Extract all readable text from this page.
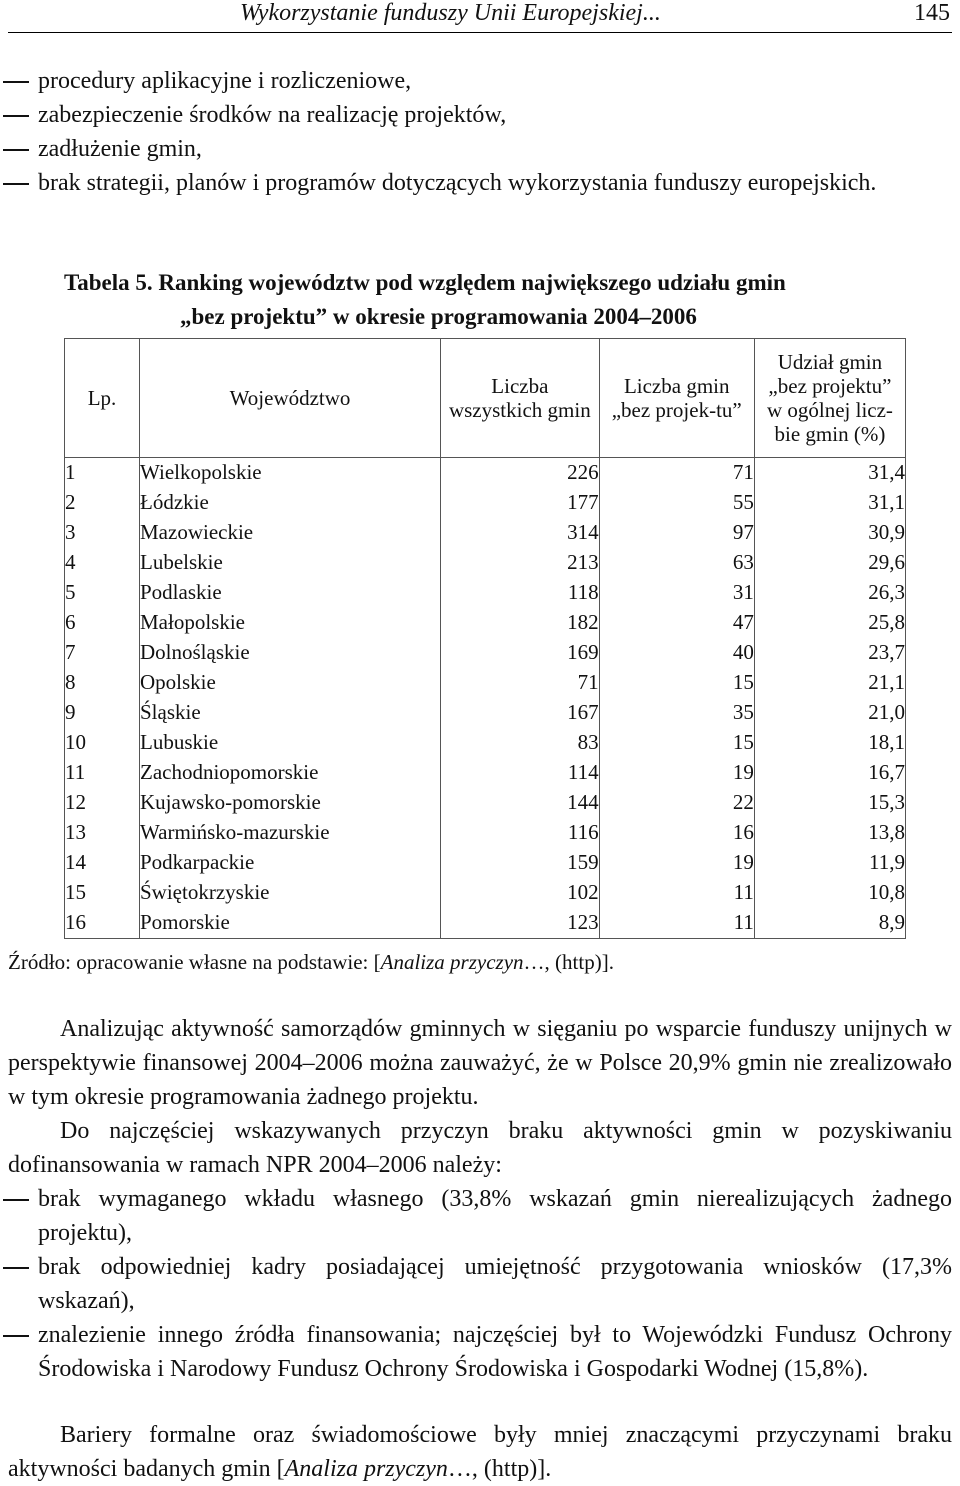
Wykorzystanie funduszy Unii Europejskiej...	145
procedury aplikacyjne i rozliczeniowe,
zabezpieczenie środków na realizację projektów,
zadłużenie gmin,
brak strategii, planów i programów dotyczących wykorzystania funduszy europejskich.
Tabela 5. Ranking województw pod względem największego udziału gmin
„bez projektu” w okresie programowania 2004–2006
Lp.	Województwo	Liczba wszystkich gmin	Liczba gmin „bez projek-tu”	Udział gmin „bez projektu” w ogólnej licz-bie gmin (%)
1	Wielkopolskie	226	71	31,4
2	Łódzkie	177	55	31,1
3	Mazowieckie	314	97	30,9
4	Lubelskie	213	63	29,6
5	Podlaskie	118	31	26,3
6	Małopolskie	182	47	25,8
7	Dolnośląskie	169	40	23,7
8	Opolskie	71	15	21,1
9	Śląskie	167	35	21,0
10	Lubuskie	83	15	18,1
11	Zachodniopomorskie	114	19	16,7
12	Kujawsko-pomorskie	144	22	15,3
13	Warmińsko-mazurskie	116	16	13,8
14	Podkarpackie	159	19	11,9
15	Świętokrzyskie	102	11	10,8
16	Pomorskie	123	11	8,9
Źródło: opracowanie własne na podstawie: [Analiza przyczyn…, (http)].

Analizując aktywność samorządów gminnych w sięganiu po wsparcie funduszy unijnych w perspektywie finansowej 2004–2006 można zauważyć, że w Polsce 20,9% gmin nie zrealizowało w tym okresie programowania żadnego projektu.

Do najczęściej wskazywanych przyczyn braku aktywności gmin w pozyskiwaniu dofinansowania w ramach NPR 2004–2006 należy:

brak wymaganego wkładu własnego (33,8% wskazań gmin nierealizujących żadnego projektu),
brak odpowiedniej kadry posiadającej umiejętność przygotowania wniosków (17,3% wskazań),
znalezienie innego źródła finansowania; najczęściej był to Wojewódzki Fundusz Ochrony Środowiska i Narodowy Fundusz Ochrony Środowiska i Gospodarki Wodnej (15,8%).

Bariery formalne oraz świadomościowe były mniej znaczącymi przyczynami braku aktywności badanych gmin [Analiza przyczyn…, (http)].
